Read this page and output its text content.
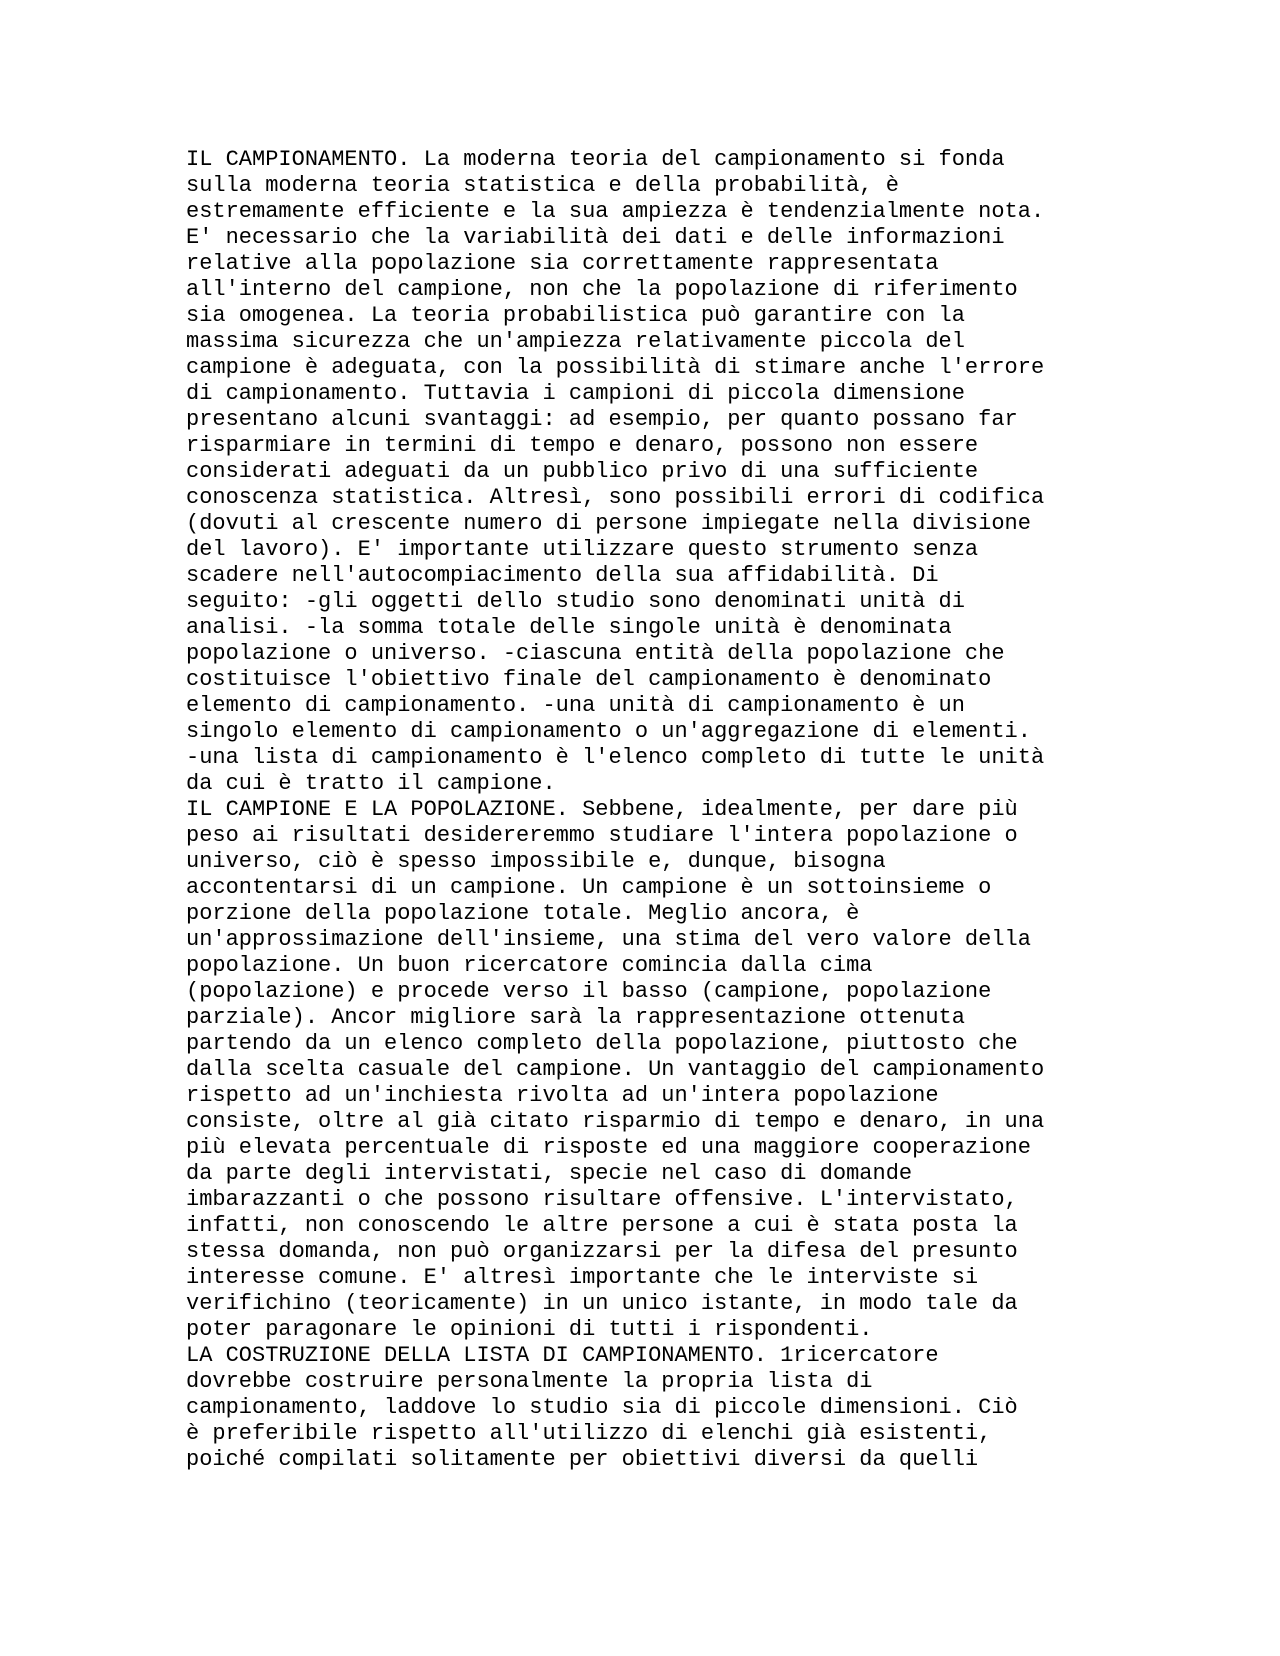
IL CAMPIONAMENTO. La moderna teoria del campionamento si fonda
sulla moderna teoria statistica e della probabilità, è
estremamente efficiente e la sua ampiezza è tendenzialmente nota.
E′ necessario che la variabilità dei dati e delle informazioni
relative alla popolazione sia correttamente rappresentata
all′interno del campione, non che la popolazione di riferimento
sia omogenea. La teoria probabilistica può garantire con la
massima sicurezza che un′ampiezza relativamente piccola del
campione è adeguata, con la possibilità di stimare anche l′errore
di campionamento. Tuttavia i campioni di piccola dimensione
presentano alcuni svantaggi: ad esempio, per quanto possano far
risparmiare in termini di tempo e denaro, possono non essere
considerati adeguati da un pubblico privo di una sufficiente
conoscenza statistica. Altresì, sono possibili errori di codifica
(dovuti al crescente numero di persone impiegate nella divisione
del lavoro). E′ importante utilizzare questo strumento senza
scadere nell′autocompiacimento della sua affidabilità. Di
seguito: -gli oggetti dello studio sono denominati unità di
analisi. -la somma totale delle singole unità è denominata
popolazione o universo. -ciascuna entità della popolazione che
costituisce l′obiettivo finale del campionamento è denominato
elemento di campionamento. -una unità di campionamento è un
singolo elemento di campionamento o un′aggregazione di elementi.
-una lista di campionamento è l′elenco completo di tutte le unità
da cui è tratto il campione.
IL CAMPIONE E LA POPOLAZIONE. Sebbene, idealmente, per dare più
peso ai risultati desidereremmo studiare l′intera popolazione o
universo, ciò è spesso impossibile e, dunque, bisogna
accontentarsi di un campione. Un campione è un sottoinsieme o
porzione della popolazione totale. Meglio ancora, è
un′approssimazione dell′insieme, una stima del vero valore della
popolazione. Un buon ricercatore comincia dalla cima
(popolazione) e procede verso il basso (campione, popolazione
parziale). Ancor migliore sarà la rappresentazione ottenuta
partendo da un elenco completo della popolazione, piuttosto che
dalla scelta casuale del campione. Un vantaggio del campionamento
rispetto ad un′inchiesta rivolta ad un′intera popolazione
consiste, oltre al già citato risparmio di tempo e denaro, in una
più elevata percentuale di risposte ed una maggiore cooperazione
da parte degli intervistati, specie nel caso di domande
imbarazzanti o che possono risultare offensive. L′intervistato,
infatti, non conoscendo le altre persone a cui è stata posta la
stessa domanda, non può organizzarsi per la difesa del presunto
interesse comune. E′ altresì importante che le interviste si
verifichino (teoricamente) in un unico istante, in modo tale da
poter paragonare le opinioni di tutti i rispondenti.
LA COSTRUZIONE DELLA LISTA DI CAMPIONAMENTO. 1ricercatore
dovrebbe costruire personalmente la propria lista di
campionamento, laddove lo studio sia di piccole dimensioni. Ciò
è preferibile rispetto all′utilizzo di elenchi già esistenti,
poiché compilati solitamente per obiettivi diversi da quelli
